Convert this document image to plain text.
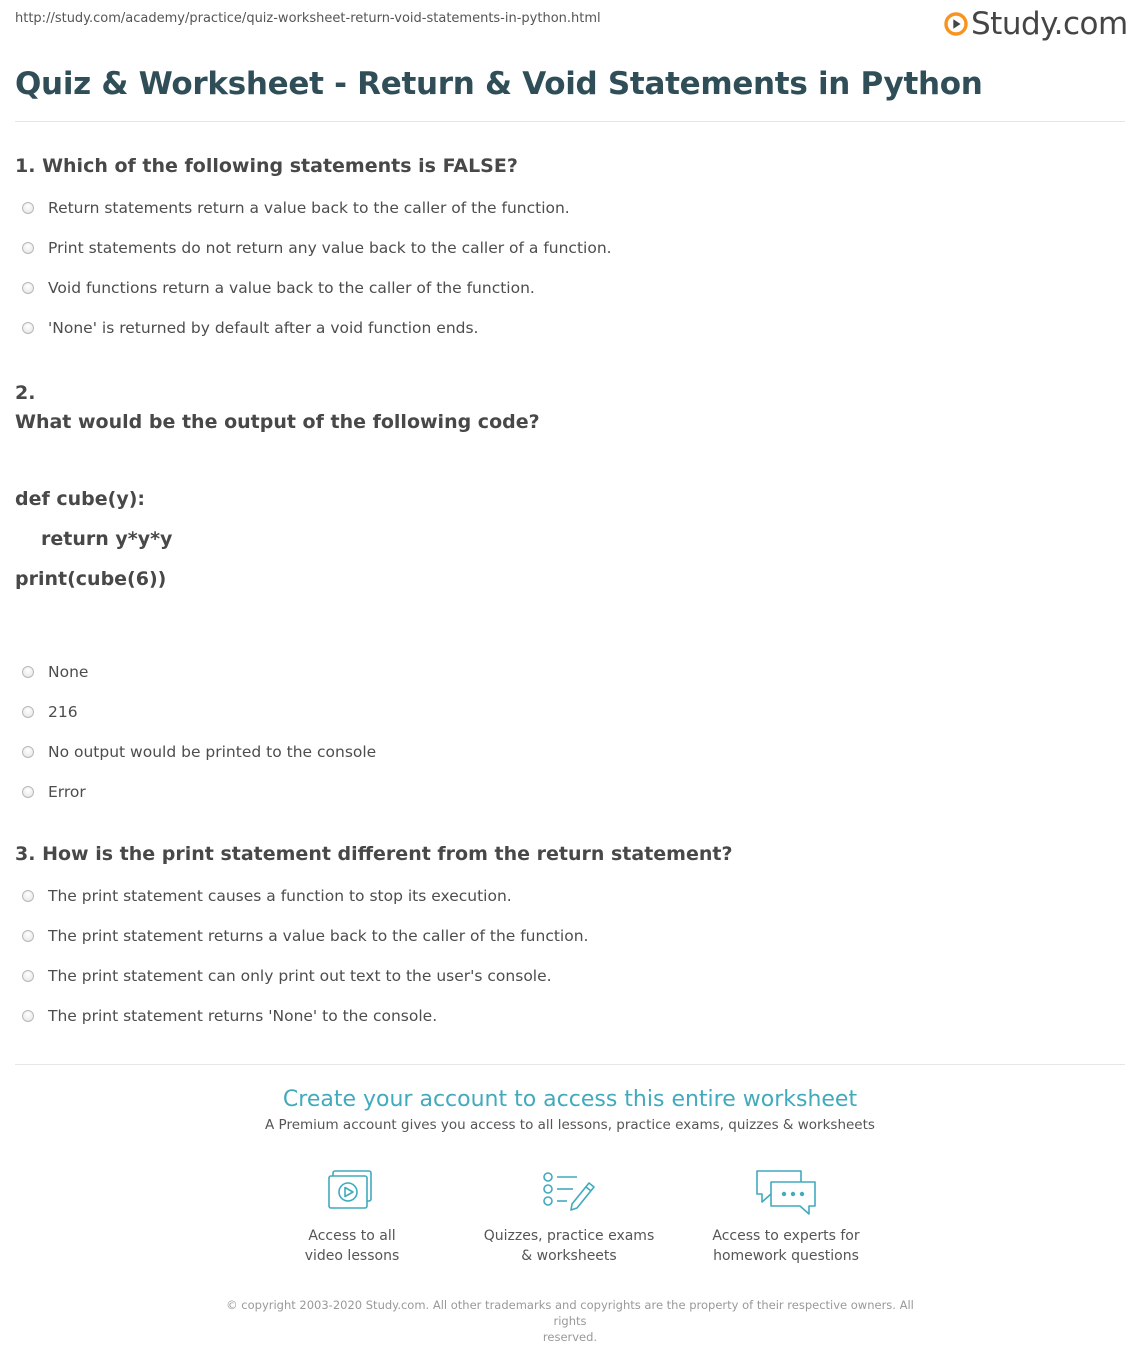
http://study.com/academy/practice/quiz-worksheet-return-void-statements-in-python.html	Study.com
Quiz & Worksheet - Return & Void Statements in Python
1. Which of the following statements is FALSE?
Return statements return a value back to the caller of the function.
Print statements do not return any value back to the caller of a function.
Void functions return a value back to the caller of the function.
'None' is returned by default after a void function ends.
2.
What would be the output of the following code?
def cube(y):
return y*y*y
print(cube(6))
None
216
No output would be printed to the console
Error
3. How is the print statement different from the return statement?
The print statement causes a function to stop its execution.
The print statement returns a value back to the caller of the function.
The print statement can only print out text to the user's console.
The print statement returns 'None' to the console.
Create your account to access this entire worksheet
A Premium account gives you access to all lessons, practice exams, quizzes & worksheets
Access to all
video lessons
Quizzes, practice exams
& worksheets
Access to experts for
homework questions
© copyright 2003-2020 Study.com. All other trademarks and copyrights are the property of their respective owners. All rights
reserved.
